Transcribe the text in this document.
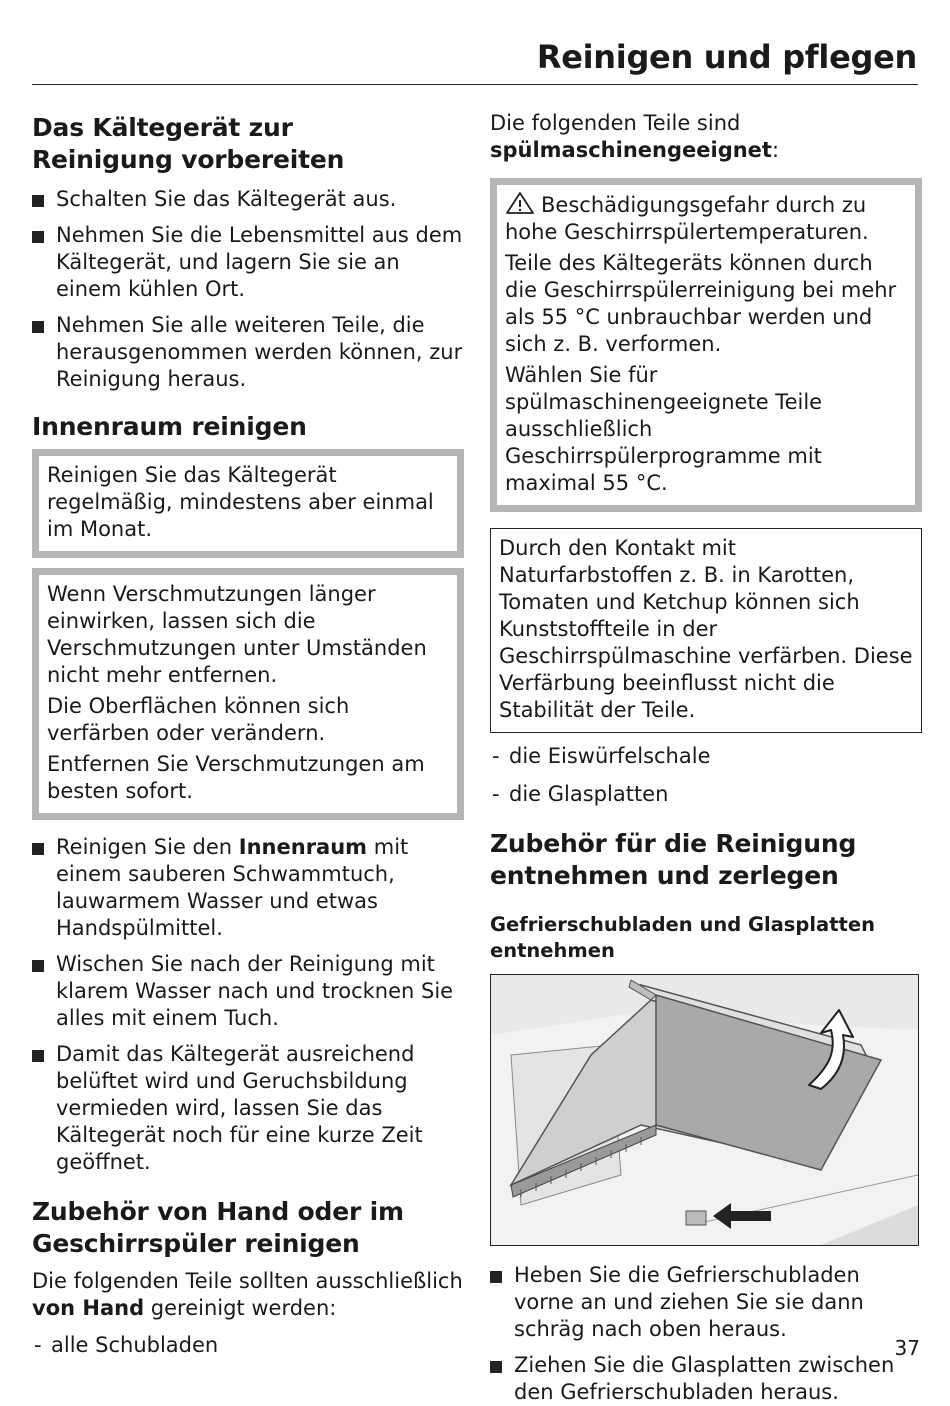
Reinigen und pflegen
Das Kältegerät zur Reinigung vorbereiten
Schalten Sie das Kältegerät aus.
Nehmen Sie die Lebensmittel aus dem Kältegerät, und lagern Sie sie an einem kühlen Ort.
Nehmen Sie alle weiteren Teile, die herausgenommen werden können, zur Reinigung heraus.
Innenraum reinigen

Reinigen Sie das Kältegerät regelmäßig, mindestens aber einmal im Monat.

Wenn Verschmutzungen länger einwirken, lassen sich die Verschmutzungen unter Umständen nicht mehr entfernen.

Die Oberflächen können sich verfärben oder verändern.

Entfernen Sie Verschmutzungen am besten sofort.

Reinigen Sie den Innenraum mit einem sauberen Schwammtuch, lauwarmem Wasser und etwas Handspülmittel.
Wischen Sie nach der Reinigung mit klarem Wasser nach und trocknen Sie alles mit einem Tuch.
Damit das Kältegerät ausreichend belüftet wird und Geruchsbildung vermieden wird, lassen Sie das Kältegerät noch für eine kurze Zeit geöffnet.
Zubehör von Hand oder im Geschirrspüler reinigen

Die folgenden Teile sollten ausschließlich von Hand gereinigt werden:

- alle Schubladen

Die folgenden Teile sind spülmaschinengeeignet:

Beschädigungsgefahr durch zu hohe Geschirrspülertemperaturen.

Teile des Kältegeräts können durch die Geschirrspülerreinigung bei mehr als 55 °C unbrauchbar werden und sich z. B. verformen.

Wählen Sie für spülmaschinengeeignete Teile ausschließlich Geschirrspülerprogramme mit maximal 55 °C.

Durch den Kontakt mit Naturfarbstoffen z. B. in Karotten, Tomaten und Ketchup können sich Kunststoffteile in der Geschirrspülmaschine verfärben. Diese Verfärbung beeinflusst nicht die Stabilität der Teile.

- die Eiswürfelschale
- die Glasplatten
Zubehör für die Reinigung entnehmen und zerlegen
Gefrierschubladen und Glasplatten entnehmen
Heben Sie die Gefrierschubladen vorne an und ziehen Sie sie dann schräg nach oben heraus.
Ziehen Sie die Glasplatten zwischen den Gefrierschubladen heraus.
37
